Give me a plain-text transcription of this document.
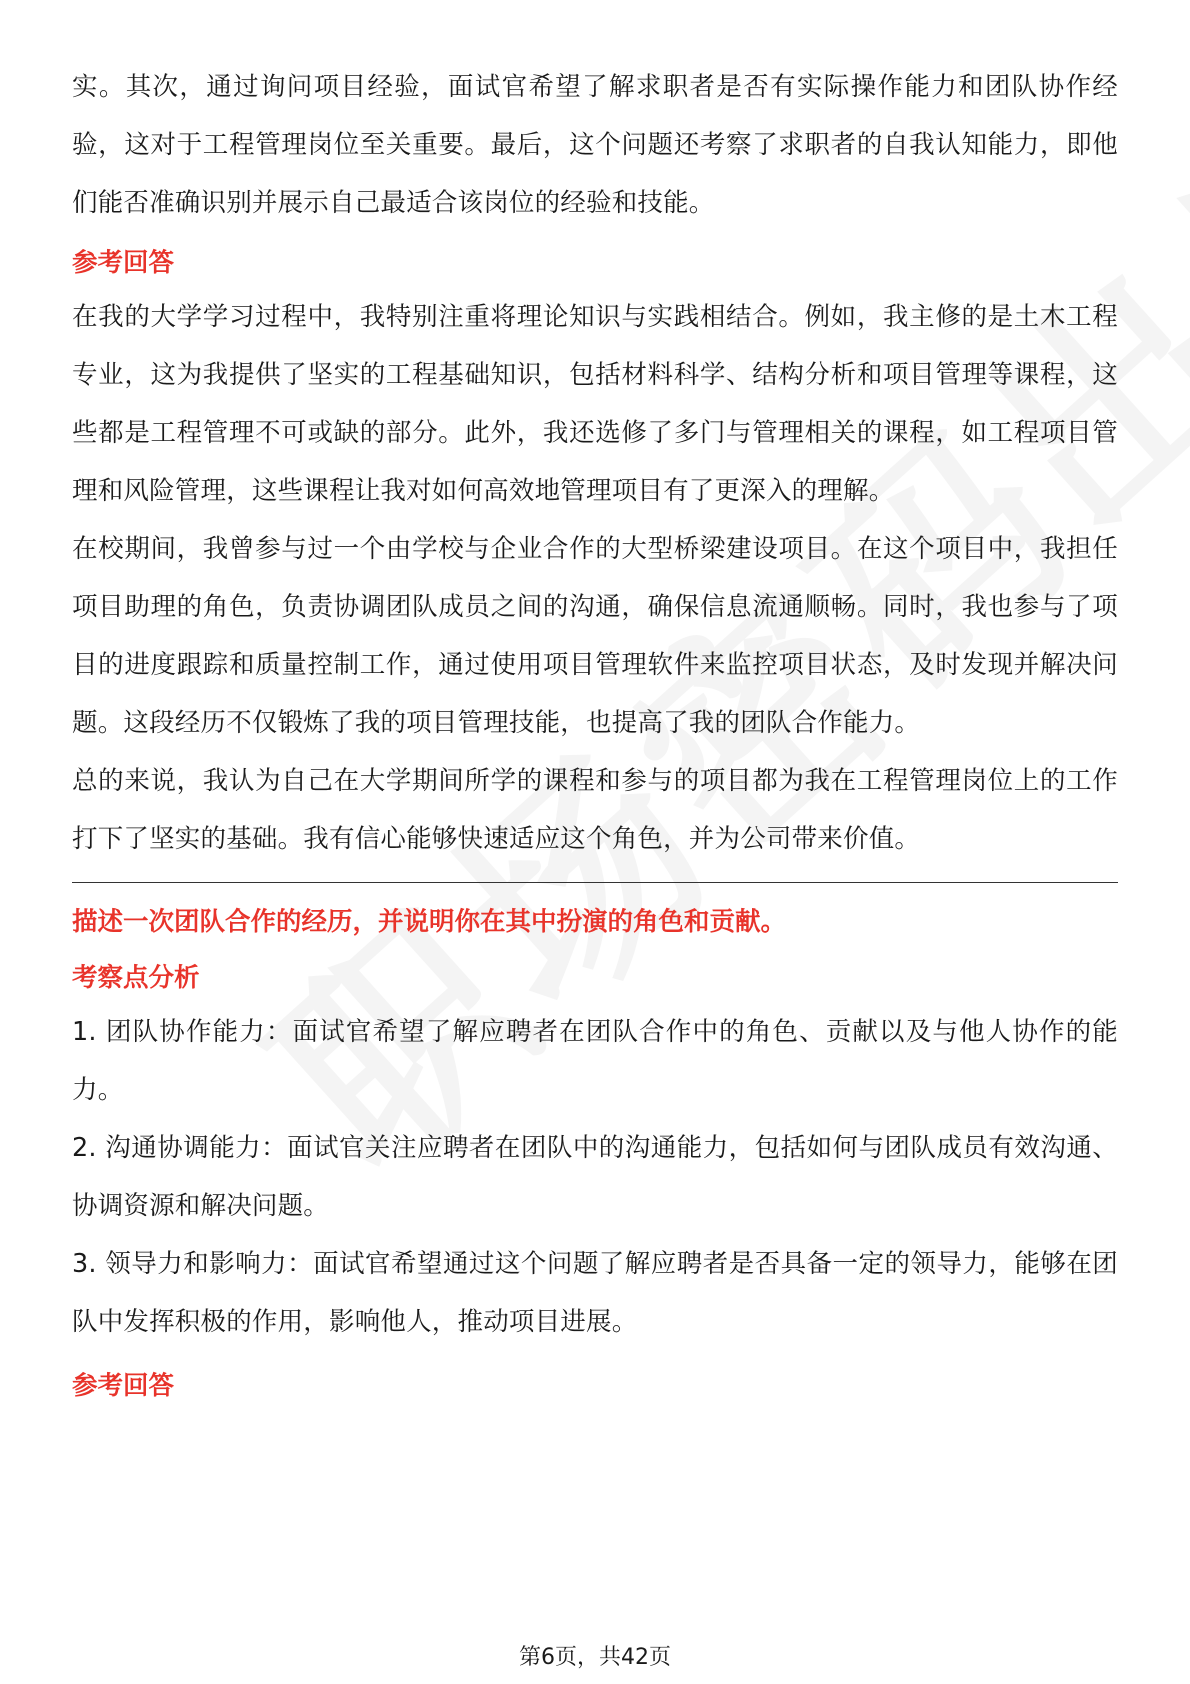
实。其次，通过询问项目经验，面试官希望了解求职者是否有实际操作能力和团队协作经验，这对于工程管理岗位至关重要。最后，这个问题还考察了求职者的自我认知能力，即他们能否准确识别并展示自己最适合该岗位的经验和技能。

参考回答

在我的大学学习过程中，我特别注重将理论知识与实践相结合。例如，我主修的是土木工程专业，这为我提供了坚实的工程基础知识，包括材料科学、结构分析和项目管理等课程，这些都是工程管理不可或缺的部分。此外，我还选修了多门与管理相关的课程，如工程项目管理和风险管理，这些课程让我对如何高效地管理项目有了更深入的理解。

在校期间，我曾参与过一个由学校与企业合作的大型桥梁建设项目。在这个项目中，我担任项目助理的角色，负责协调团队成员之间的沟通，确保信息流通顺畅。同时，我也参与了项目的进度跟踪和质量控制工作，通过使用项目管理软件来监控项目状态，及时发现并解决问题。这段经历不仅锻炼了我的项目管理技能，也提高了我的团队合作能力。

总的来说，我认为自己在大学期间所学的课程和参与的项目都为我在工程管理岗位上的工作打下了坚实的基础。我有信心能够快速适应这个角色，并为公司带来价值。

描述一次团队合作的经历，并说明你在其中扮演的角色和贡献。

考察点分析

1. 团队协作能力：面试官希望了解应聘者在团队合作中的角色、贡献以及与他人协作的能力。

2. 沟通协调能力：面试官关注应聘者在团队中的沟通能力，包括如何与团队成员有效沟通、协调资源和解决问题。

3. 领导力和影响力：面试官希望通过这个问题了解应聘者是否具备一定的领导力，能够在团队中发挥积极的作用，影响他人，推动项目进展。

参考回答

第6页，共42页
